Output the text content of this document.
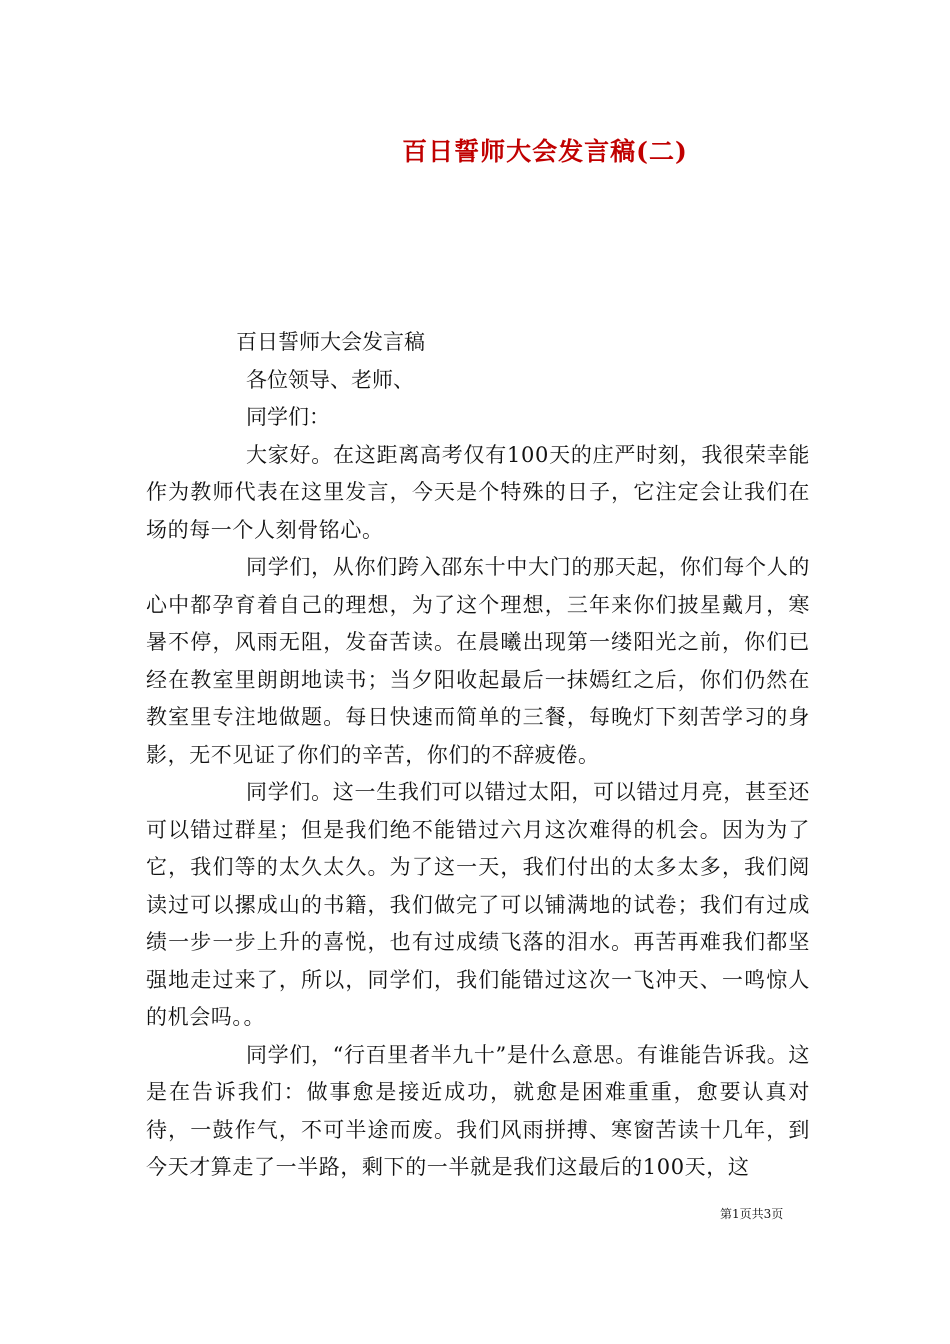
百日誓师大会发言稿(二)
百日誓师大会发言稿
各位领导、老师、
同学们：

大家好。在这距离高考仅有100天的庄严时刻，我很荣幸能作为教师代表在这里发言，今天是个特殊的日子，它注定会让我们在场的每一个人刻骨铭心。

同学们，从你们跨入邵东十中大门的那天起，你们每个人的心中都孕育着自己的理想，为了这个理想，三年来你们披星戴月，寒暑不停，风雨无阻，发奋苦读。在晨曦出现第一缕阳光之前，你们已经在教室里朗朗地读书；当夕阳收起最后一抹嫣红之后，你们仍然在教室里专注地做题。每日快速而简单的三餐，每晚灯下刻苦学习的身影，无不见证了你们的辛苦，你们的不辞疲倦。

同学们。这一生我们可以错过太阳，可以错过月亮，甚至还可以错过群星；但是我们绝不能错过六月这次难得的机会。因为为了它，我们等的太久太久。为了这一天，我们付出的太多太多，我们阅读过可以摞成山的书籍，我们做完了可以铺满地的试卷；我们有过成绩一步一步上升的喜悦，也有过成绩飞落的泪水。再苦再难我们都坚强地走过来了，所以，同学们，我们能错过这次一飞冲天、一鸣惊人的机会吗。。

同学们，“行百里者半九十”是什么意思。有谁能告诉我。这是在告诉我们：做事愈是接近成功，就愈是困难重重，愈要认真对待，一鼓作气，不可半途而废。我们风雨拼搏、寒窗苦读十几年，到今天才算走了一半路，剩下的一半就是我们这最后的100天，这

第1页共3页
